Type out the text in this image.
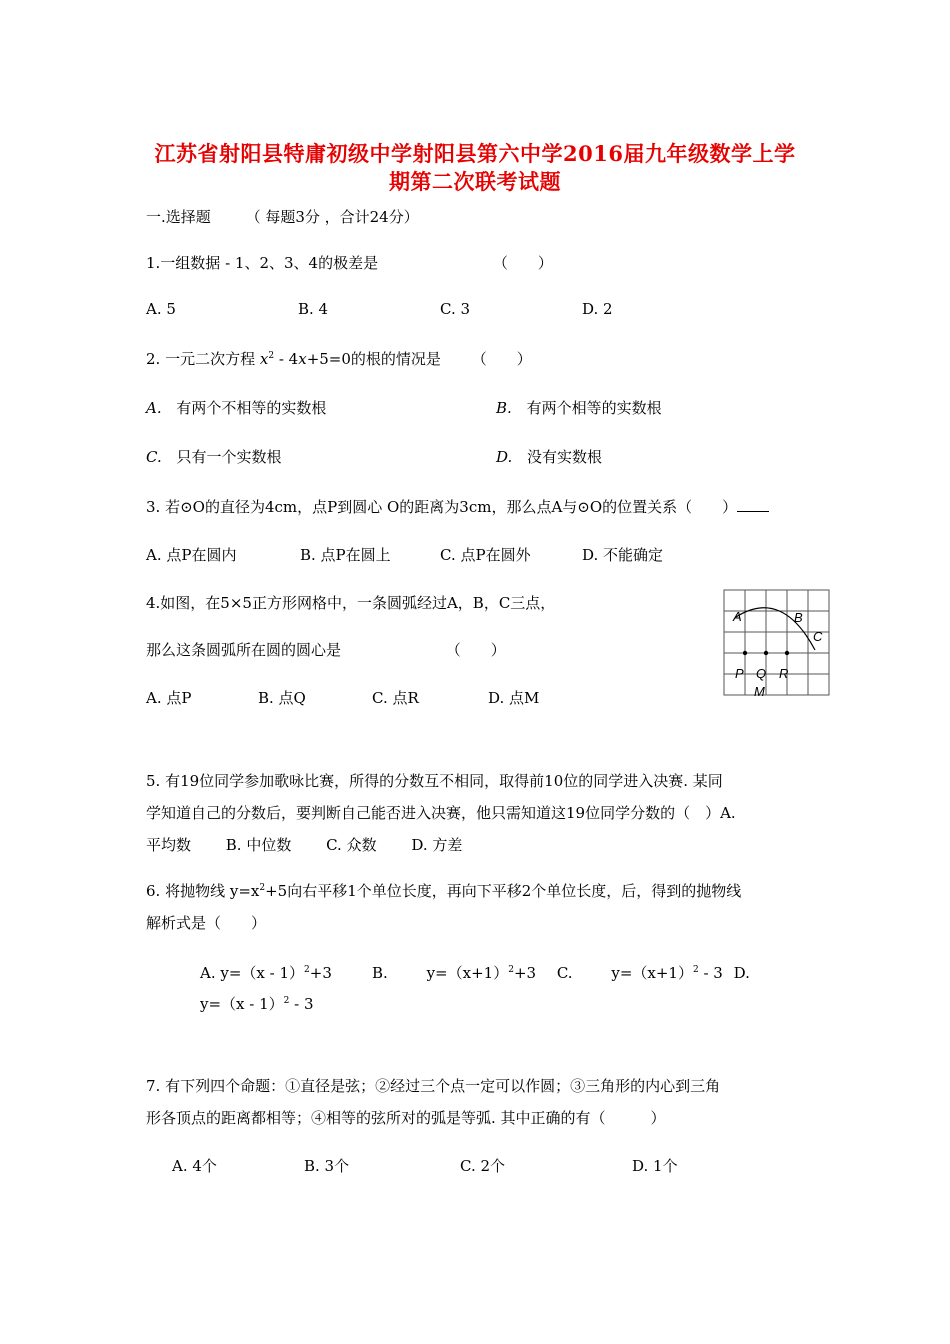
江苏省射阳县特庸初级中学射阳县第六中学2016届九年级数学上学
期第二次联考试题
一.选择题 （ 每题3分 ，合计24分）
1.一组数据 - 1、2、3、4的极差是	（　　）
A. 5	B. 4	C. 3	D. 2
2. 一元二次方程 $x^2 - 4x+5=0$的根的情况是 （　　）
A. 有两个不相等的实数根	B. 有两个相等的实数根
C. 只有一个实数根	D. 没有实数根
3. 若⊙O的直径为4cm，点P到圆心 O的距离为3cm，那么点A与⊙O的位置关系（　　）
A. 点P在圆内	B. 点P在圆上	C. 点P在圆外	D. 不能确定
4.如图，在5×5正方形网格中，一条圆弧经过A，B，C三点，
那么这条圆弧所在圆的圆心是	（　　）
A. 点P	B. 点Q	C. 点R	D. 点M
A	B
C
P Q R
M
5. 有19位同学参加歌咏比赛，所得的分数互不相同，取得前10位的同学进入决赛. 某同
学知道自己的分数后，要判断自己能否进入决赛，他只需知道这19位同学分数的（　）A.
平均数　　 B. 中位数　　 C. 众数　　 D. 方差
6. 将抛物线 $y=x^2+5$向右平移1个单位长度，再向下平移2个单位长度，后，得到的抛物线
解析式是（　　）
A. y=（x - 1）$^2$+3	B.	$y=(x+1)^2+3$ C.	$y=(x+1)^2 - 3$ D.
y=（x - 1）$^2$ - 3
7. 有下列四个命题：①直径是弦；②经过三个点一定可以作圆；③三角形的内心到三角
形各顶点的距离都相等；④相等的弦所对的弧是等弧. 其中正确的有（　　　）
A. 4个	B. 3个	C. 2个	D. 1个
